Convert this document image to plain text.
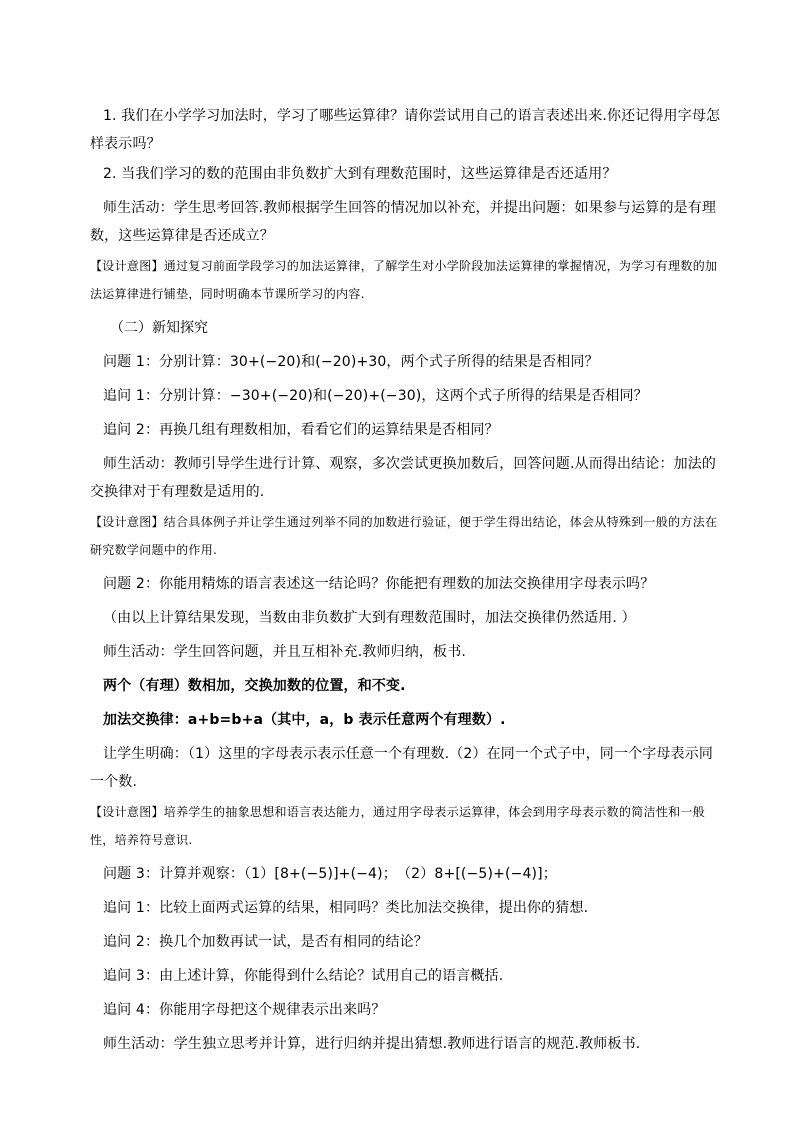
1. 我们在小学学习加法时，学习了哪些运算律？请你尝试用自己的语言表述出来.你还记得用字母怎样表示吗？

2. 当我们学习的数的范围由非负数扩大到有理数范围时，这些运算律是否还适用？

师生活动：学生思考回答.教师根据学生回答的情况加以补充，并提出问题：如果参与运算的是有理数，这些运算律是否还成立？

【设计意图】通过复习前面学段学习的加法运算律，了解学生对小学阶段加法运算律的掌握情况，为学习有理数的加法运算律进行铺垫，同时明确本节课所学习的内容.

（二）新知探究

问题 1：分别计算：30+(−20)和(−20)+30，两个式子所得的结果是否相同？

追问 1：分别计算：−30+(−20)和(−20)+(−30)，这两个式子所得的结果是否相同？

追问 2：再换几组有理数相加，看看它们的运算结果是否相同？

师生活动：教师引导学生进行计算、观察，多次尝试更换加数后，回答问题.从而得出结论：加法的交换律对于有理数是适用的.

【设计意图】结合具体例子并让学生通过列举不同的加数进行验证，便于学生得出结论，体会从特殊到一般的方法在研究数学问题中的作用.

问题 2：你能用精炼的语言表述这一结论吗？你能把有理数的加法交换律用字母表示吗？

（由以上计算结果发现，当数由非负数扩大到有理数范围时，加法交换律仍然适用. ）

师生活动：学生回答问题，并且互相补充.教师归纳，板书.

两个（有理）数相加，交换加数的位置，和不变.

加法交换律：a+b=b+a（其中，a，b 表示任意两个有理数）.

让学生明确：（1）这里的字母表示表示任意一个有理数.（2）在同一个式子中，同一个字母表示同一个数.

【设计意图】培养学生的抽象思想和语言表达能力，通过用字母表示运算律，体会到用字母表示数的简洁性和一般性，培养符号意识.

问题 3：计算并观察：（1）[8+(−5)]+(−4)；　（2）8+[(−5)+(−4)]；

追问 1：比较上面两式运算的结果，相同吗？类比加法交换律，提出你的猜想.

追问 2：换几个加数再试一试，是否有相同的结论？

追问 3：由上述计算，你能得到什么结论？试用自己的语言概括.

追问 4：你能用字母把这个规律表示出来吗？

师生活动：学生独立思考并计算，进行归纳并提出猜想.教师进行语言的规范.教师板书.
